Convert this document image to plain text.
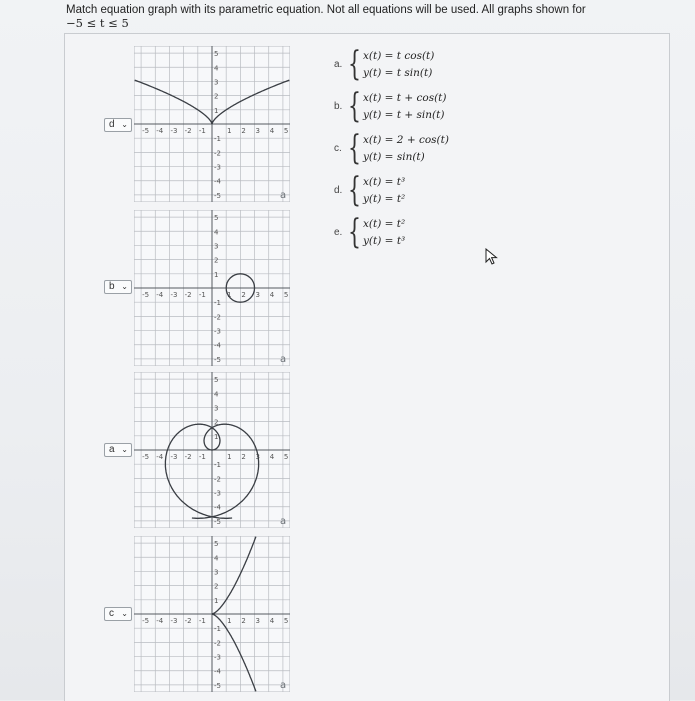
Match equation graph with its parametric equation. Not all equations will be used. All graphs shown for
−5 ≤ t ≤ 5
d ⌄
-5 -4 -3 -2 -1	1 2 3 4 5
5
4
3
2
1
-1
-2
-3
-4
-5	a
b ⌄
-5 -4 -3 -2 -1	1 2 3 4 5
5
4
3
2
1
-1
-2
-3
-4
-5	a
a ⌄
-5 -4 -3 -2 -1	1 2 3 4 5
5
4
3
2
1
-1
-2
-3
-4
-5	a
c ⌄
-5 -4 -3 -2 -1	1 2 3 4 5
5
4
3
2
1
-1
-2
-3
-4
-5	a
a. { x(t) = t cos(t)
y(t) = t sin(t)
b. { x(t) = t + cos(t)
y(t) = t + sin(t)
c. { x(t) = 2 + cos(t)
y(t) = sin(t)
d. { x(t) = t³
y(t) = t²
e. { x(t) = t²
y(t) = t³
